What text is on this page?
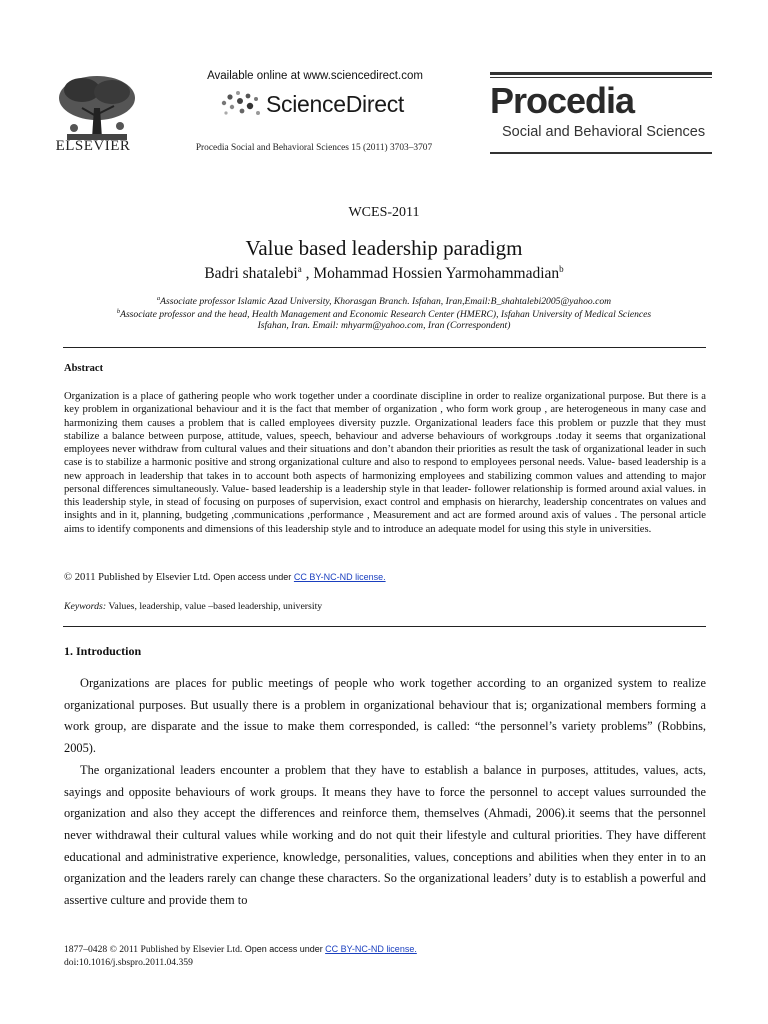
ELSEVIER
Available online at www.sciencedirect.com
ScienceDirect
Procedia Social and Behavioral Sciences 15 (2011) 3703–3707
Procedia
Social and Behavioral Sciences
WCES-2011
Value based leadership paradigm
Badri shatalebi$^a$ , Mohammad Hossien Yarmohammadian$^b$
$^a$Associate professor Islamic Azad University, Khorasgan Branch. Isfahan, Iran,Email:B_shahtalebi2005@yahoo.com
$^b$Associate professor and the head, Health Management and Economic Research Center (HMERC), Isfahan University of Medical Sciences
Isfahan, Iran. Email: mhyarm@yahoo.com, Iran (Correspondent)
Abstract
Organization is a place of gathering people who work together under a coordinate discipline in order to realize organizational purpose. But there is a key problem in organizational behaviour and it is the fact that member of organization , who form work group , are heterogeneous in many case and harmonizing them causes a problem that is called employees diversity puzzle. Organizational leaders face this problem or puzzle that they must stabilize a balance between purpose, attitude, values, speech, behaviour and adverse behaviours of workgroups .today it seems that organizational employees never withdraw from cultural values and their situations and don’t abandon their priorities as result the task of organizational leader in such case is to stabilize a harmonic positive and strong organizational culture and also to respond to employees personal needs. Value- based leadership is a new approach in leadership that takes in to account both aspects of harmonizing employees and stabilizing common values and attending to major personal differences simultaneously. Value- based leadership is a leadership style in that leader- follower relationship is formed around axial values. in this leadership style, in stead of focusing on purposes of supervision, exact control and emphasis on hierarchy, leadership concentrates on values and insights and in it, planning, budgeting ,communications ,performance , Measurement and act are formed around axis of values . The personal article aims to identify components and dimensions of this leadership style and to introduce an adequate model for using this style in universities.
© 2011 Published by Elsevier Ltd. Open access under CC BY-NC-ND license.
Keywords: Values, leadership, value –based leadership, university
1. Introduction

Organizations are places for public meetings of people who work together according to an organized system to realize organizational purposes. But usually there is a problem in organizational behaviour that is; organizational members forming a work group, are disparate and the issue to make them corresponded, is called: “the personnel’s variety problems” (Robbins, 2005).

The organizational leaders encounter a problem that they have to establish a balance in purposes, attitudes, values, acts, sayings and opposite behaviours of work groups. It means they have to force the personnel to accept values surrounded the organization and also they accept the differences and reinforce them, themselves (Ahmadi, 2006).it seems that the personnel never withdrawal their cultural values while working and do not quit their lifestyle and cultural priorities. They have different educational and administrative experience, knowledge, personalities, values, conceptions and abilities when they enter in to an organization and the leaders rarely can change these characters. So the organizational leaders’ duty is to establish a powerful and assertive culture and provide them to

1877–0428 © 2011 Published by Elsevier Ltd. Open access under CC BY-NC-ND license.
doi:10.1016/j.sbspro.2011.04.359
